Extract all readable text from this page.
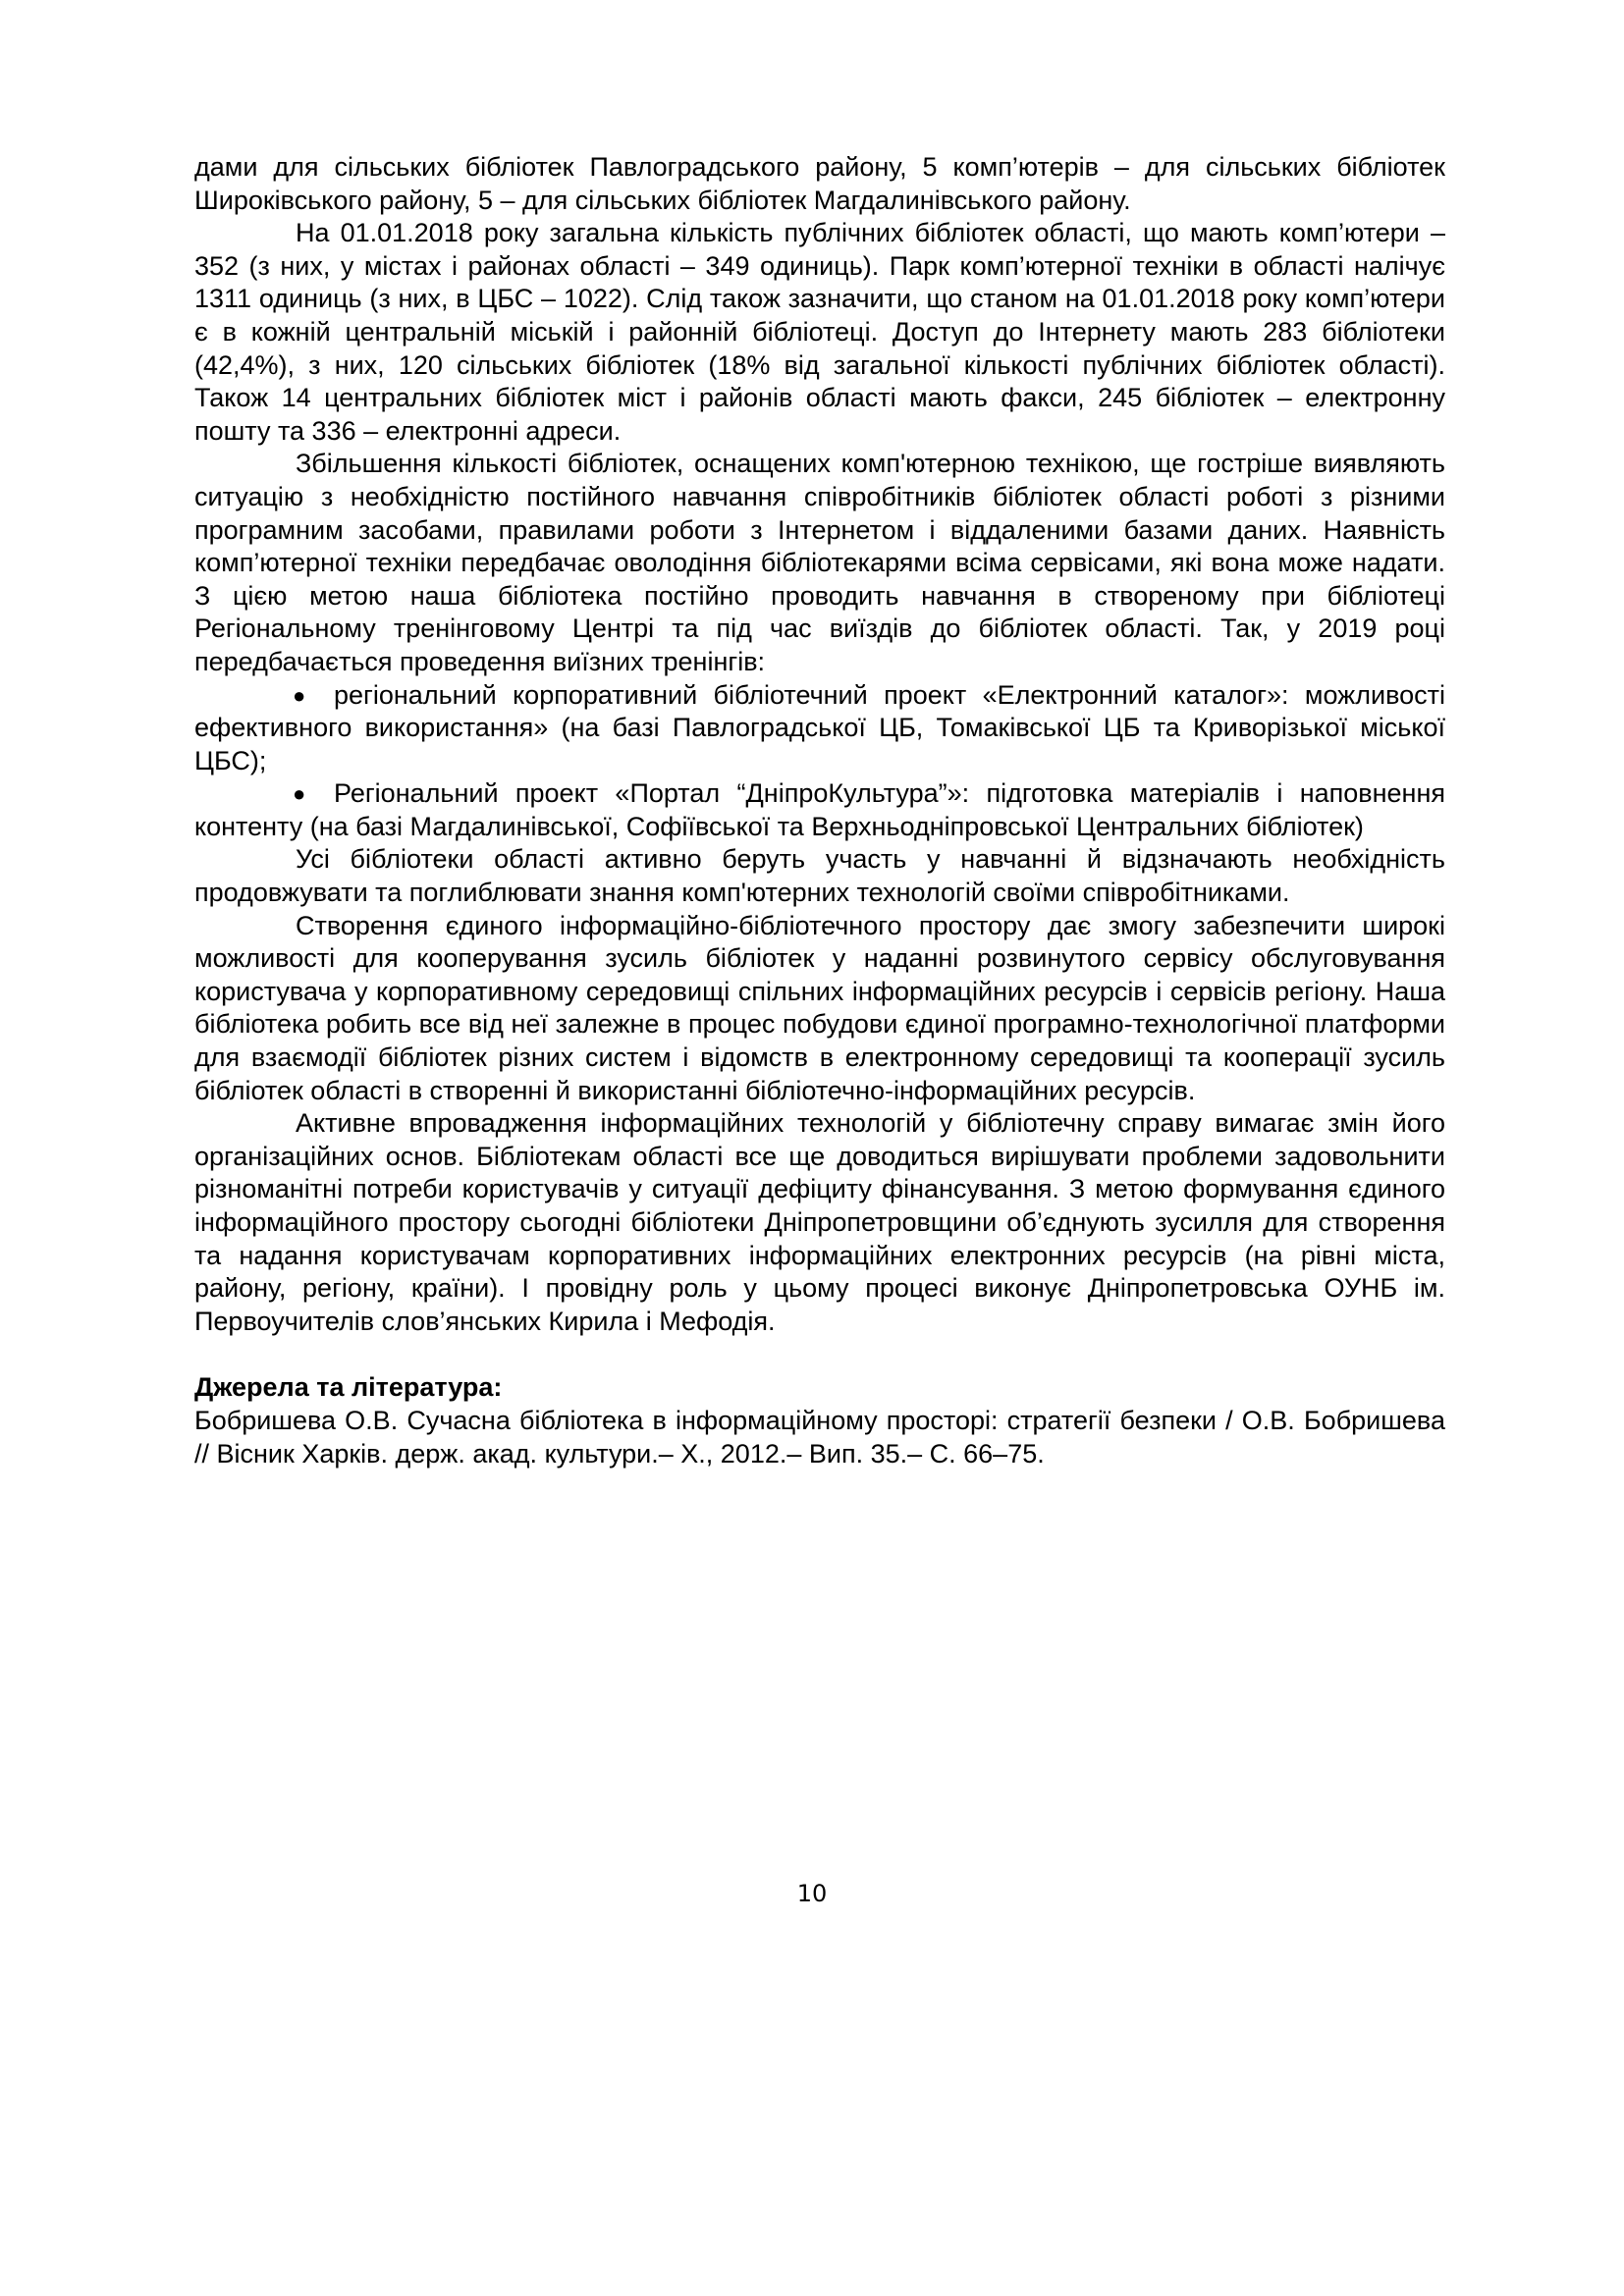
дами для сільських бібліотек Павлоградського району, 5 комп’ютерів – для сільських бібліотек Широківського району, 5 – для сільських бібліотек Магдалинівського району.

На 01.01.2018 року загальна кількість публічних бібліотек області, що мають комп’ютери – 352 (з них, у містах і районах області – 349 одиниць). Парк комп’ютерної техніки в області налічує 1311 одиниць (з них, в ЦБС – 1022). Слід також зазначити, що станом на 01.01.2018 року комп’ютери є в кожній центральній міській і районній бібліотеці. Доступ до Інтернету мають 283 бібліотеки (42,4%), з них, 120 сільських бібліотек (18% від загальної кількості публічних бібліотек області). Також 14 центральних бібліотек міст і районів області мають факси, 245 бібліотек – електронну пошту та 336 – електронні адреси.

Збільшення кількості бібліотек, оснащених комп'ютерною технікою, ще гостріше виявляють ситуацію з необхідністю постійного навчання співробітників бібліотек області роботі з різними програмним засобами, правилами роботи з Інтернетом і віддаленими базами даних. Наявність комп’ютерної техніки передбачає оволодіння бібліотекарями всіма сервісами, які вона може надати. З цією метою наша бібліотека постійно проводить навчання в створеному при бібліотеці Регіональному тренінговому Центрі та під час виїздів до бібліотек області. Так, у 2019 році передбачається проведення виїзних тренінгів:

● регіональний корпоративний бібліотечний проект «Електронний каталог»: можливості ефективного використання» (на базі Павлоградської ЦБ, Томаківської ЦБ та Криворізької міської ЦБС);
● Регіональний проект «Портал “ДніпроКультура”»: підготовка матеріалів і наповнення контенту (на базі Магдалинівської, Софіївської та Верхньодніпровської Центральних бібліотек)

Усі бібліотеки області активно беруть участь у навчанні й відзначають необхідність продовжувати та поглиблювати знання комп'ютерних технологій своїми співробітниками.

Створення єдиного інформаційно-бібліотечного простору дає змогу забезпечити широкі можливості для кооперування зусиль бібліотек у наданні розвинутого сервісу обслуговування користувача у корпоративному середовищі спільних інформаційних ресурсів і сервісів регіону. Наша бібліотека робить все від неї залежне в процес побудови єдиної програмно-технологічної платформи для взаємодії бібліотек різних систем і відомств в електронному середовищі та кооперації зусиль бібліотек області в створенні й використанні бібліотечно-інформаційних ресурсів.

Активне впровадження інформаційних технологій у бібліотечну справу вимагає змін його організаційних основ. Бібліотекам області все ще доводиться вирішувати проблеми задовольнити різноманітні потреби користувачів у ситуації дефіциту фінансування. З метою формування єдиного інформаційного простору сьогодні бібліотеки Дніпропетровщини об’єднують зусилля для створення та надання користувачам корпоративних інформаційних електронних ресурсів (на рівні міста, району, регіону, країни). І провідну роль у цьому процесі виконує Дніпропетровська ОУНБ ім. Первоучителів слов’янських Кирила і Мефодія.

Джерела та література:

Бобришева О.В. Сучасна бібліотека в інформаційному просторі: стратегії безпеки / О.В. Бобришева // Вісник Харків. держ. акад. культури.– Х., 2012.– Вип. 35.– С. 66–75.

10
